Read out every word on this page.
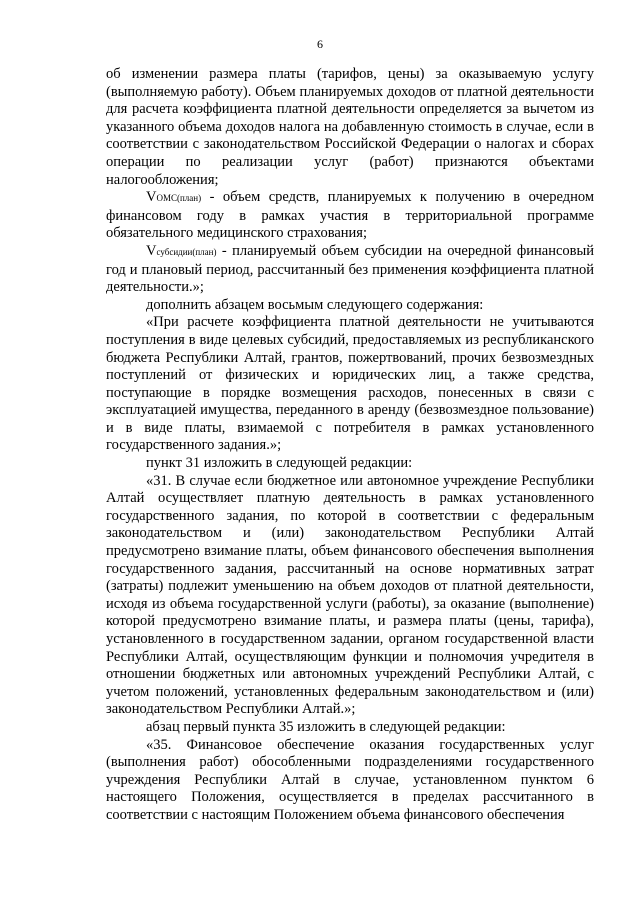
6

об изменении размера платы (тарифов, цены) за оказываемую услугу (выполняемую работу). Объем планируемых доходов от платной деятельности для расчета коэффициента платной деятельности определяется за вычетом из указанного объема доходов налога на добавленную стоимость в случае, если в соответствии с законодательством Российской Федерации о налогах и сборах операции по реализации услуг (работ) признаются объектами налогообложения;

VОМС(план) - объем средств, планируемых к получению в очередном финансовом году в рамках участия в территориальной программе обязательного медицинского страхования;

Vсубсидии(план) - планируемый объем субсидии на очередной финансовый год и плановый период, рассчитанный без применения коэффициента платной деятельности.»;

дополнить абзацем восьмым следующего содержания:

«При расчете коэффициента платной деятельности не учитываются поступления в виде целевых субсидий, предоставляемых из республиканского бюджета Республики Алтай, грантов, пожертвований, прочих безвозмездных поступлений от физических и юридических лиц, а также средства, поступающие в порядке возмещения расходов, понесенных в связи с эксплуатацией имущества, переданного в аренду (безвозмездное пользование) и в виде платы, взимаемой с потребителя в рамках установленного государственного задания.»;

пункт 31 изложить в следующей редакции:

«31. В случае если бюджетное или автономное учреждение Республики Алтай осуществляет платную деятельность в рамках установленного государственного задания, по которой в соответствии с федеральным законодательством и (или) законодательством Республики Алтай предусмотрено взимание платы, объем финансового обеспечения выполнения государственного задания, рассчитанный на основе нормативных затрат (затраты) подлежит уменьшению на объем доходов от платной деятельности, исходя из объема государственной услуги (работы), за оказание (выполнение) которой предусмотрено взимание платы, и размера платы (цены, тарифа), установленного в государственном задании, органом государственной власти Республики Алтай, осуществляющим функции и полномочия учредителя в отношении бюджетных или автономных учреждений Республики Алтай, с учетом положений, установленных федеральным законодательством и (или) законодательством Республики Алтай.»;

абзац первый пункта 35 изложить в следующей редакции:

«35. Финансовое обеспечение оказания государственных услуг (выполнения работ) обособленными подразделениями государственного учреждения Республики Алтай в случае, установленном пунктом 6 настоящего Положения, осуществляется в пределах рассчитанного в соответствии с настоящим Положением объема финансового обеспечения
